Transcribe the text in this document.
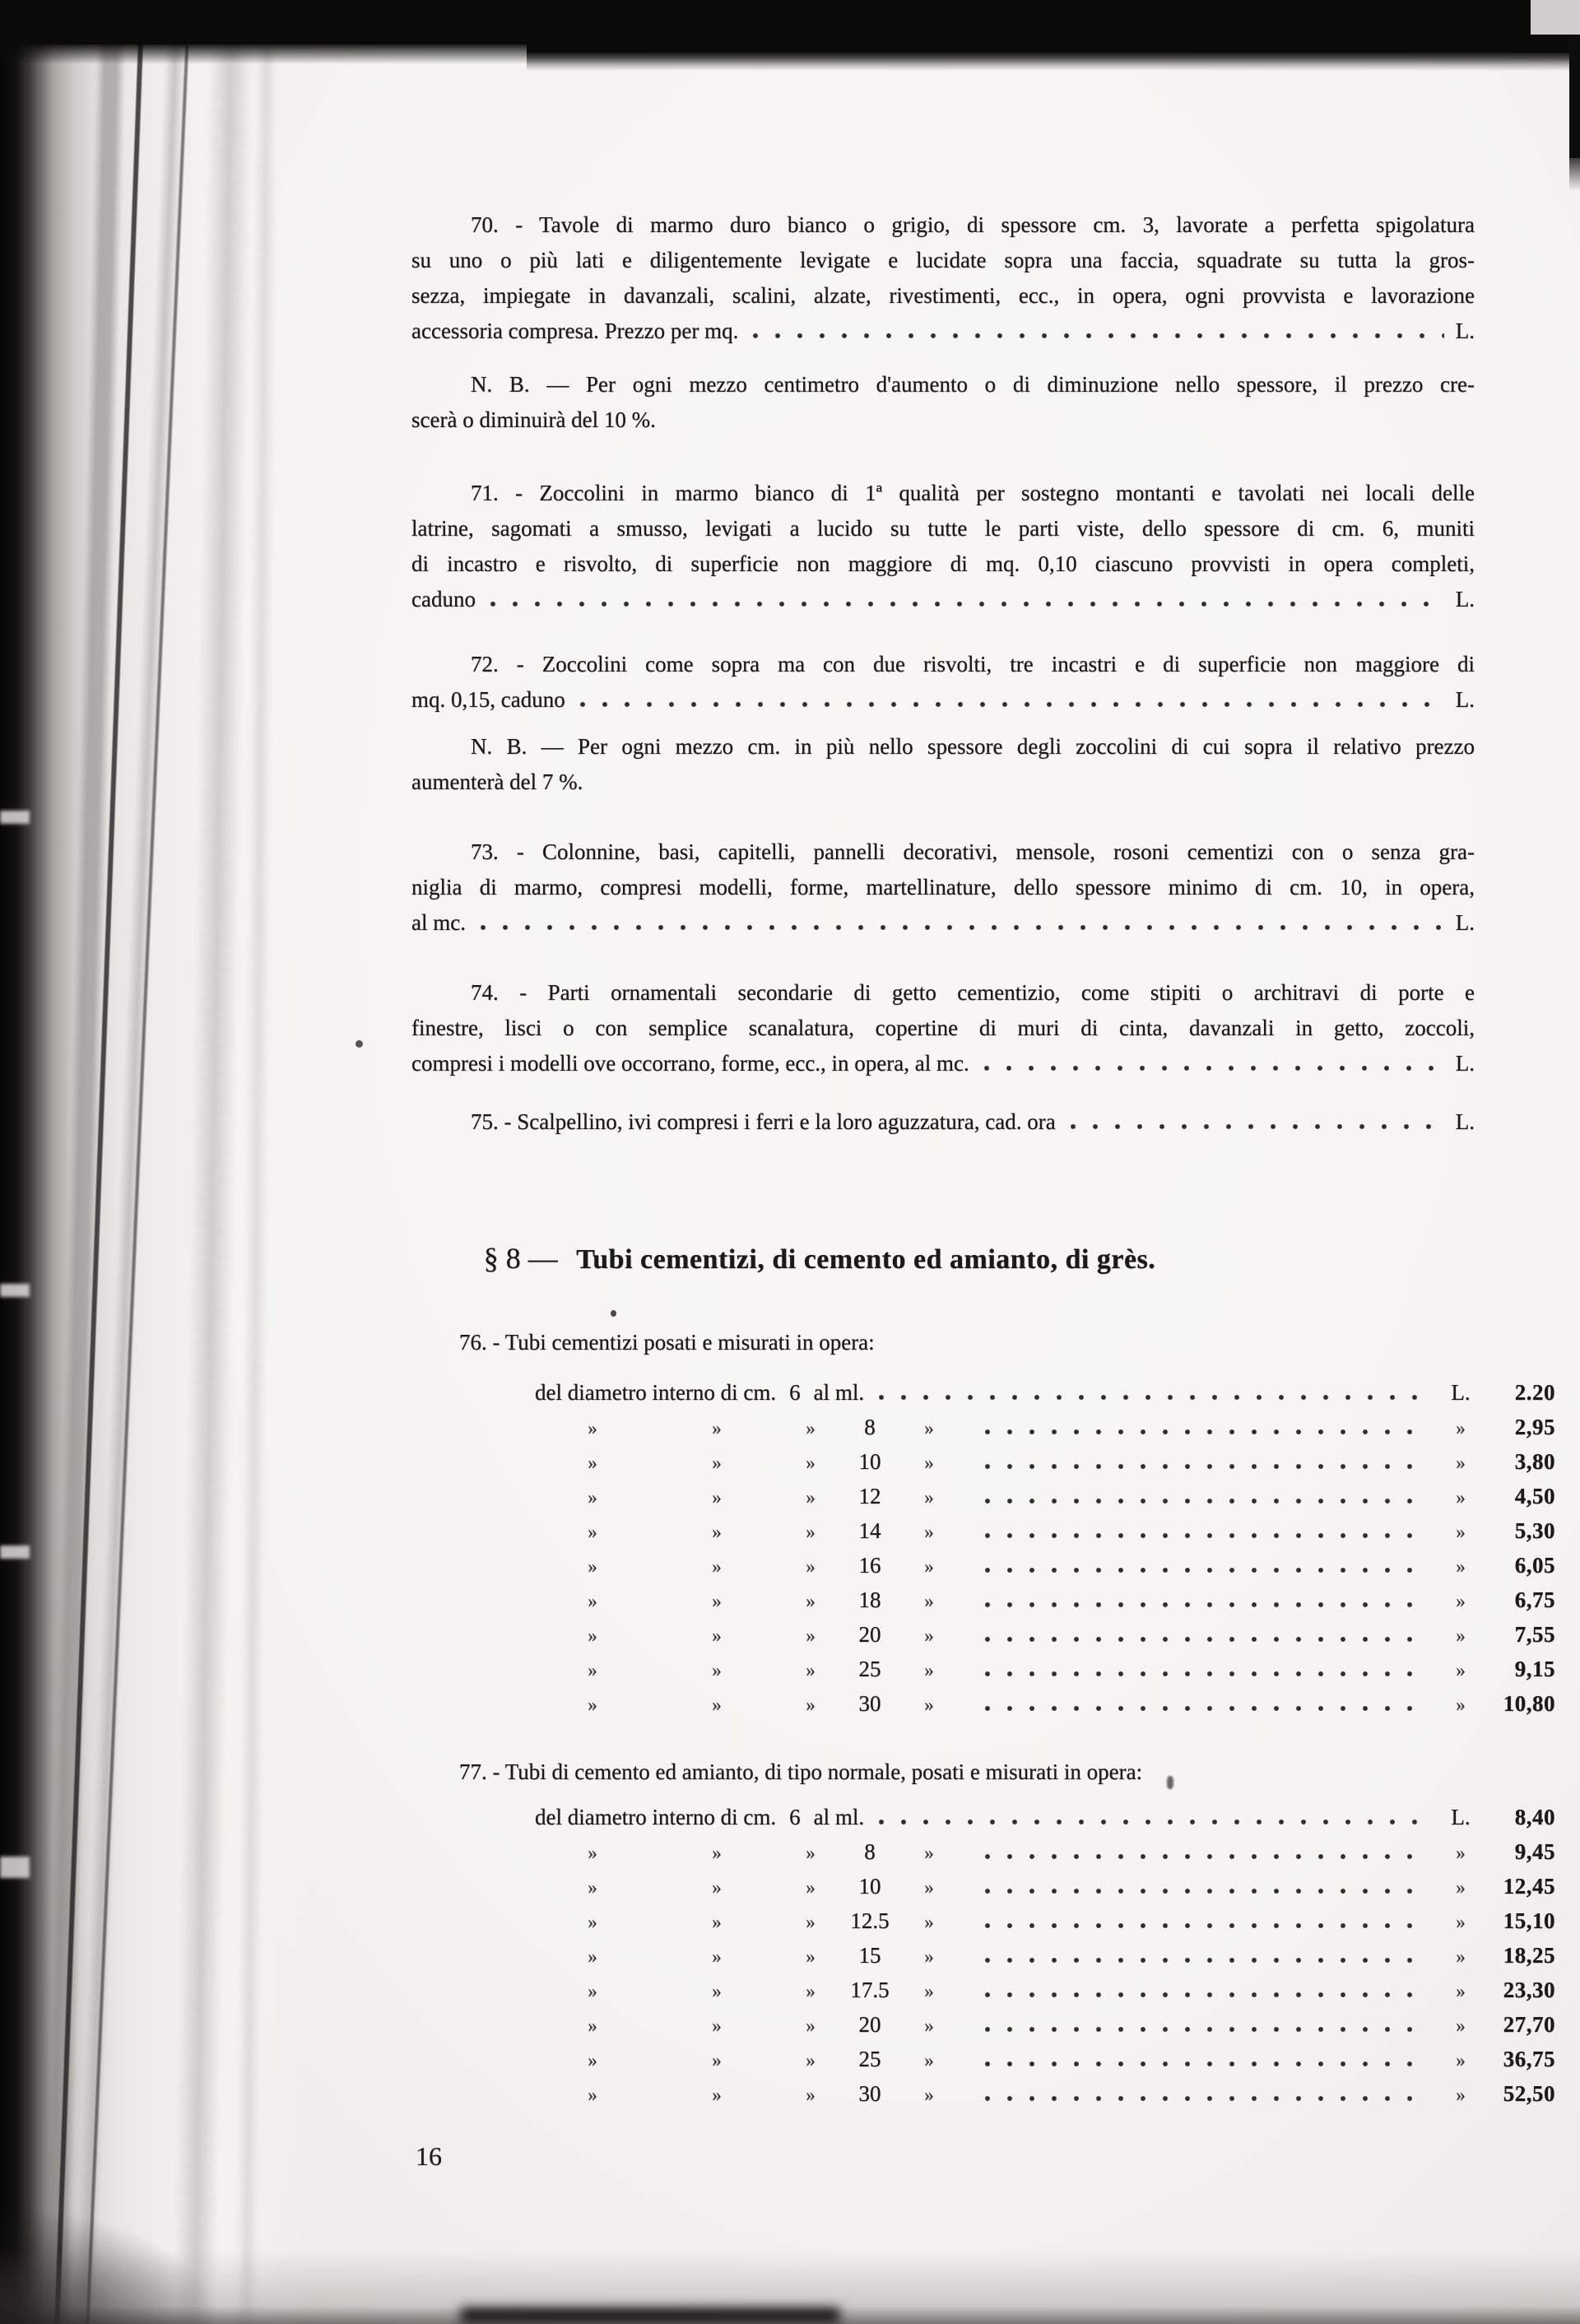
70. - Tavole di marmo duro bianco o grigio, di spessore cm. 3, lavorate a perfetta spigolatura
su uno o più lati e diligentemente levigate e lucidate sopra una faccia, squadrate su tutta la gros-
sezza, impiegate in davanzali, scalini, alzate, rivestimenti, ecc., in opera, ogni provvista e lavorazione
accessoria compresa. Prezzo per mq.	L.
N. B. — Per ogni mezzo centimetro d'aumento o di diminuzione nello spessore, il prezzo cre-
scerà o diminuirà del 10 %.
71. - Zoccolini in marmo bianco di 1ª qualità per sostegno montanti e tavolati nei locali delle
latrine, sagomati a smusso, levigati a lucido su tutte le parti viste, dello spessore di cm. 6, muniti
di incastro e risvolto, di superficie non maggiore di mq. 0,10 ciascuno provvisti in opera completi,
caduno	L.
72. - Zoccolini come sopra ma con due risvolti, tre incastri e di superficie non maggiore di
mq. 0,15, caduno	L.
N. B. — Per ogni mezzo cm. in più nello spessore degli zoccolini di cui sopra il relativo prezzo
aumenterà del 7 %.
73. - Colonnine, basi, capitelli, pannelli decorativi, mensole, rosoni cementizi con o senza gra-
niglia di marmo, compresi modelli, forme, martellinature, dello spessore minimo di cm. 10, in opera,
al mc.	L.
74. - Parti ornamentali secondarie di getto cementizio, come stipiti o architravi di porte e
finestre, lisci o con semplice scanalatura, copertine di muri di cinta, davanzali in getto, zoccoli,
compresi i modelli ove occorrano, forme, ecc., in opera, al mc.	L.
75. - Scalpellino, ivi compresi i ferri e la loro aguzzatura, cad. ora	L.
§ 8 — Tubi cementizi, di cemento ed amianto, di grès.
76. - Tubi cementizi posati e misurati in opera:
del diametro interno di cm. 6 al ml.	L.	2.20
»	»	»	8	»	»	2,95
»	»	»	10	»	»	3,80
»	»	»	12	»	»	4,50
»	»	»	14	»	»	5,30
»	»	»	16	»	»	6,05
»	»	»	18	»	»	6,75
»	»	»	20	»	»	7,55
»	»	»	25	»	»	9,15
»	»	»	30	»	»	10,80
77. - Tubi di cemento ed amianto, di tipo normale, posati e misurati in opera:
del diametro interno di cm. 6 al ml.	L.	8,40
»	»	»	8	»	»	9,45
»	»	»	10	»	»	12,45
»	»	»	12.5	»	»	15,10
»	»	»	15	»	»	18,25
»	»	»	17.5	»	»	23,30
»	»	»	20	»	»	27,70
»	»	»	25	»	»	36,75
»	»	»	30	»	»	52,50
16
